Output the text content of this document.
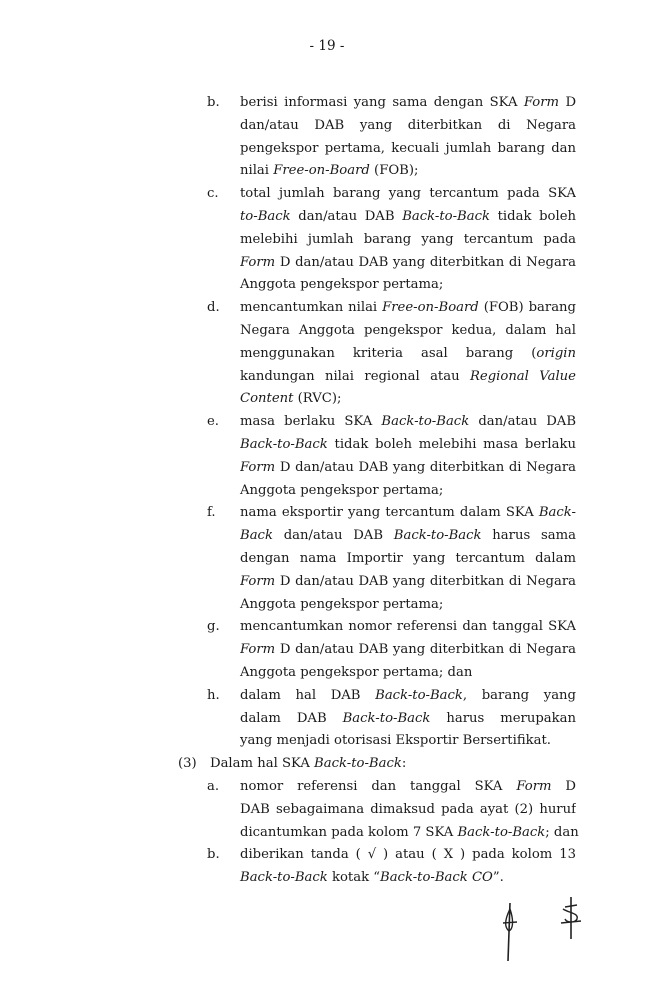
- 19 -
b. berisi informasi yang sama dengan SKA Form D
dan/atau DAB yang diterbitkan di Negara
pengekspor pertama, kecuali jumlah barang dan
nilai Free-on-Board (FOB);
c. total jumlah barang yang tercantum pada SKA
to-Back dan/atau DAB Back-to-Back tidak boleh
melebihi jumlah barang yang tercantum pada
Form D dan/atau DAB yang diterbitkan di Negara
Anggota pengekspor pertama;
d. mencantumkan nilai Free-on-Board (FOB) barang
Negara Anggota pengekspor kedua, dalam hal
menggunakan kriteria asal barang (origin
kandungan nilai regional atau Regional Value
Content (RVC);
e. masa berlaku SKA Back-to-Back dan/atau DAB
Back-to-Back tidak boleh melebihi masa berlaku
Form D dan/atau DAB yang diterbitkan di Negara
Anggota pengekspor pertama;
f. nama eksportir yang tercantum dalam SKA Back-
Back dan/atau DAB Back-to-Back harus sama
dengan nama Importir yang tercantum dalam
Form D dan/atau DAB yang diterbitkan di Negara
Anggota pengekspor pertama;
g. mencantumkan nomor referensi dan tanggal SKA
Form D dan/atau DAB yang diterbitkan di Negara
Anggota pengekspor pertama; dan
h. dalam hal DAB Back-to-Back, barang yang
dalam DAB Back-to-Back harus merupakan
yang menjadi otorisasi Eksportir Bersertifikat.
(3) Dalam hal SKA Back-to-Back:
a. nomor referensi dan tanggal SKA Form D
DAB sebagaimana dimaksud pada ayat (2) huruf
dicantumkan pada kolom 7 SKA Back-to-Back; dan
b. diberikan tanda ( √ ) atau ( X ) pada kolom 13
Back-to-Back kotak “Back-to-Back CO”.
